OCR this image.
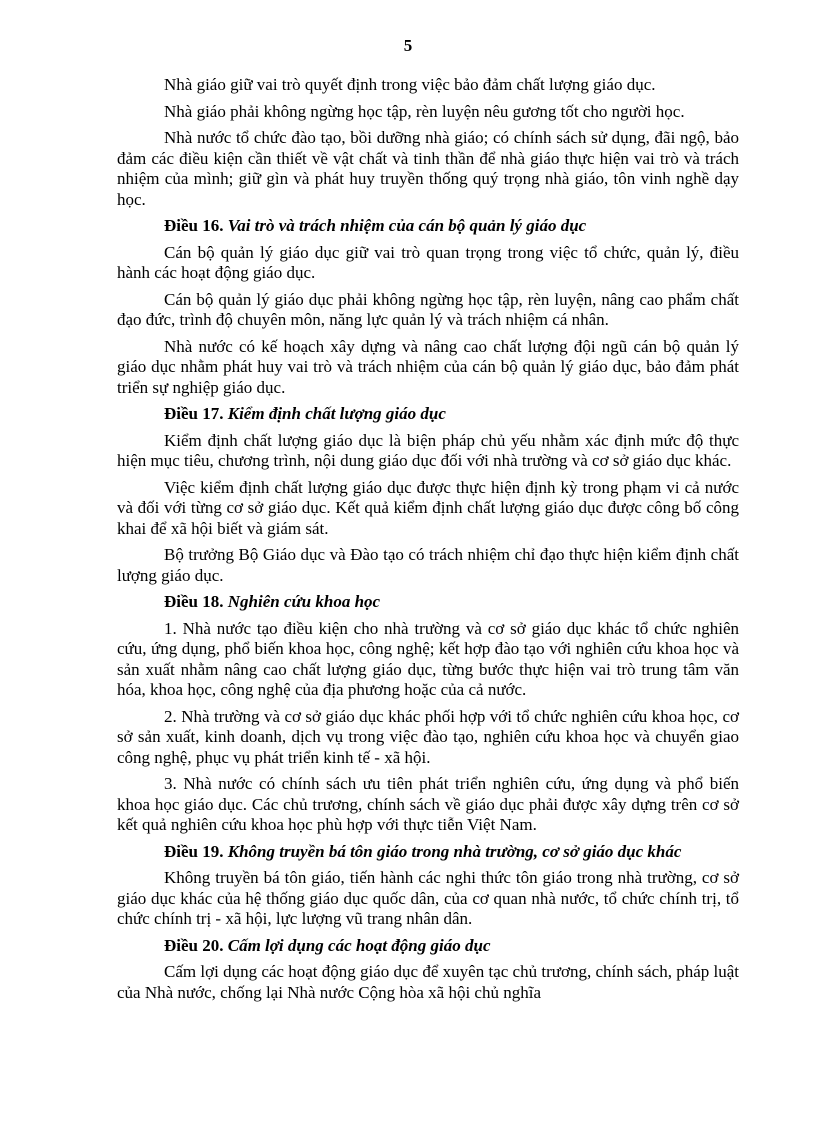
5

Nhà giáo giữ vai trò quyết định trong việc bảo đảm chất lượng giáo dục.

Nhà giáo phải không ngừng học tập, rèn luyện nêu gương tốt cho người học.

Nhà nước tổ chức đào tạo, bồi dưỡng nhà giáo; có chính sách sử dụng, đãi ngộ, bảo đảm các điều kiện cần thiết về vật chất và tinh thần để nhà giáo thực hiện vai trò và trách nhiệm của mình; giữ gìn và phát huy truyền thống quý trọng nhà giáo, tôn vinh nghề dạy học.

Điều 16. Vai trò và trách nhiệm của cán bộ quản lý giáo dục

Cán bộ quản lý giáo dục giữ vai trò quan trọng trong việc tổ chức, quản lý, điều hành các hoạt động giáo dục.

Cán bộ quản lý giáo dục phải không ngừng học tập, rèn luyện, nâng cao phẩm chất đạo đức, trình độ chuyên môn, năng lực quản lý và trách nhiệm cá nhân.

Nhà nước có kế hoạch xây dựng và nâng cao chất lượng đội ngũ cán bộ quản lý giáo dục nhằm phát huy vai trò và trách nhiệm của cán bộ quản lý giáo dục, bảo đảm phát triển sự nghiệp giáo dục.

Điều 17. Kiểm định chất lượng giáo dục

Kiểm định chất lượng giáo dục là biện pháp chủ yếu nhằm xác định mức độ thực hiện mục tiêu, chương trình, nội dung giáo dục đối với nhà trường và cơ sở giáo dục khác.

Việc kiểm định chất lượng giáo dục được thực hiện định kỳ trong phạm vi cả nước và đối với từng cơ sở giáo dục. Kết quả kiểm định chất lượng giáo dục được công bố công khai để xã hội biết và giám sát.

Bộ trưởng Bộ Giáo dục và Đào tạo có trách nhiệm chỉ đạo thực hiện kiểm định chất lượng giáo dục.

Điều 18. Nghiên cứu khoa học

1. Nhà nước tạo điều kiện cho nhà trường và cơ sở giáo dục khác tổ chức nghiên cứu, ứng dụng, phổ biến khoa học, công nghệ; kết hợp đào tạo với nghiên cứu khoa học và sản xuất nhằm nâng cao chất lượng giáo dục, từng bước thực hiện vai trò trung tâm văn hóa, khoa học, công nghệ của địa phương hoặc của cả nước.

2. Nhà trường và cơ sở giáo dục khác phối hợp với tổ chức nghiên cứu khoa học, cơ sở sản xuất, kinh doanh, dịch vụ trong việc đào tạo, nghiên cứu khoa học và chuyển giao công nghệ, phục vụ phát triển kinh tế - xã hội.

3. Nhà nước có chính sách ưu tiên phát triển nghiên cứu, ứng dụng và phổ biến khoa học giáo dục. Các chủ trương, chính sách về giáo dục phải được xây dựng trên cơ sở kết quả nghiên cứu khoa học phù hợp với thực tiễn Việt Nam.

Điều 19. Không truyền bá tôn giáo trong nhà trường, cơ sở giáo dục khác

Không truyền bá tôn giáo, tiến hành các nghi thức tôn giáo trong nhà trường, cơ sở giáo dục khác của hệ thống giáo dục quốc dân, của cơ quan nhà nước, tổ chức chính trị, tổ chức chính trị - xã hội, lực lượng vũ trang nhân dân.

Điều 20. Cấm lợi dụng các hoạt động giáo dục

Cấm lợi dụng các hoạt động giáo dục để xuyên tạc chủ trương, chính sách, pháp luật của Nhà nước, chống lại Nhà nước Cộng hòa xã hội chủ nghĩa
